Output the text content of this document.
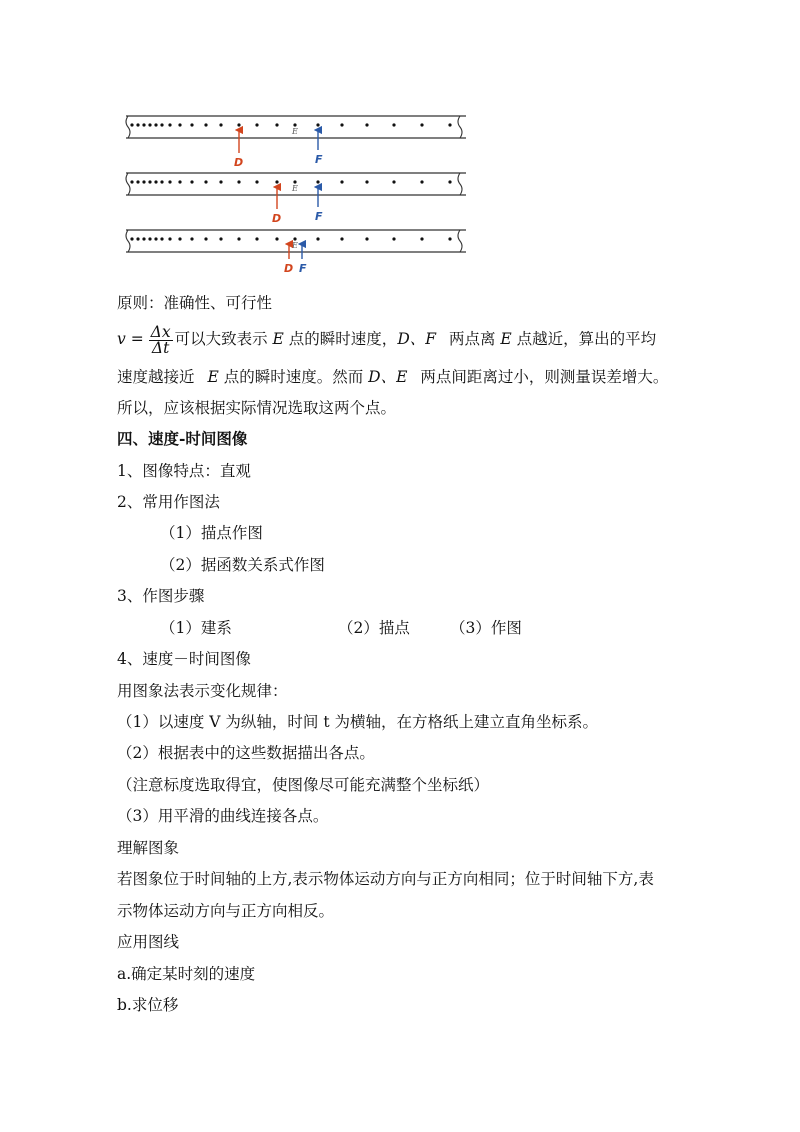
E
D	F
E
D	F
E
D F
原则：准确性、可行性
$v = \frac{\Delta x}{\Delta t}$ 可以大致表示 E 点的瞬时速度，D、F 两点离 E 点越近，算出的平均
速度越接近 E 点的瞬时速度。然而 D、E 两点间距离过小，则测量误差增大。
所以，应该根据实际情况选取这两个点。
四、速度-时间图像
1、图像特点：直观
2、常用作图法
（1）描点作图
（2）据函数关系式作图
3、作图步骤
（1）建系	（2）描点	（3）作图
4、速度－时间图像
用图象法表示变化规律：
（1）以速度 V 为纵轴，时间 t 为横轴，在方格纸上建立直角坐标系。
（2）根据表中的这些数据描出各点。
（注意标度选取得宜，使图像尽可能充满整个坐标纸）
（3）用平滑的曲线连接各点。
理解图象
若图象位于时间轴的上方,表示物体运动方向与正方向相同；位于时间轴下方,表
示物体运动方向与正方向相反。
应用图线
a.确定某时刻的速度
b.求位移
